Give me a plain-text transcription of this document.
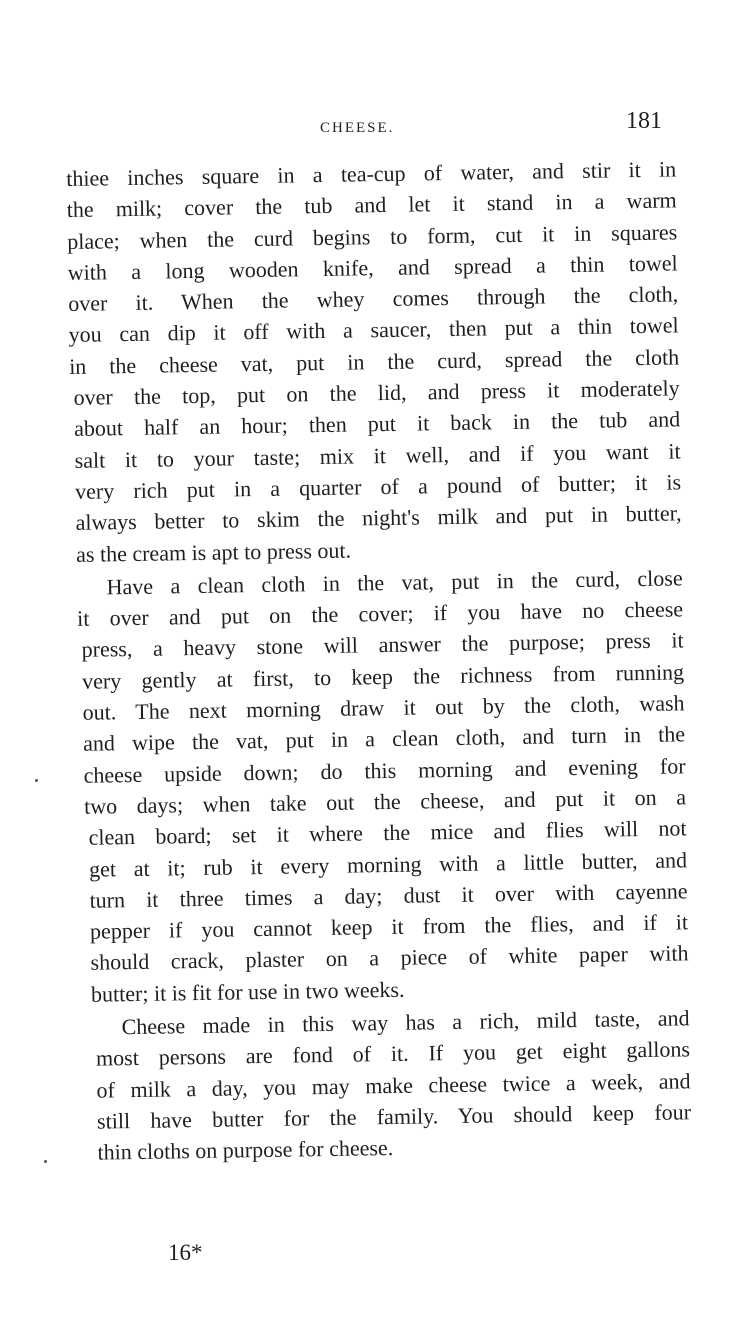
CHEESE.	181
thiee inches square in a tea-cup of water, and stir it in
the milk; cover the tub and let it stand in a warm
place; when the curd begins to form, cut it in squares
with a long wooden knife, and spread a thin towel
over it. When the whey comes through the cloth,
you can dip it off with a saucer, then put a thin towel
in the cheese vat, put in the curd, spread the cloth
over the top, put on the lid, and press it moderately
about half an hour; then put it back in the tub and
salt it to your taste; mix it well, and if you want it
very rich put in a quarter of a pound of butter; it is
always better to skim the night's milk and put in butter,
as the cream is apt to press out.
Have a clean cloth in the vat, put in the curd, close
it over and put on the cover; if you have no cheese
press, a heavy stone will answer the purpose; press it
very gently at first, to keep the richness from running
out. The next morning draw it out by the cloth, wash
and wipe the vat, put in a clean cloth, and turn in the
cheese upside down; do this morning and evening for
two days; when take out the cheese, and put it on a
clean board; set it where the mice and flies will not
get at it; rub it every morning with a little butter, and
turn it three times a day; dust it over with cayenne
pepper if you cannot keep it from the flies, and if it
should crack, plaster on a piece of white paper with
butter; it is fit for use in two weeks.
Cheese made in this way has a rich, mild taste, and
most persons are fond of it. If you get eight gallons
of milk a day, you may make cheese twice a week, and
still have butter for the family. You should keep four
thin cloths on purpose for cheese.
16*
